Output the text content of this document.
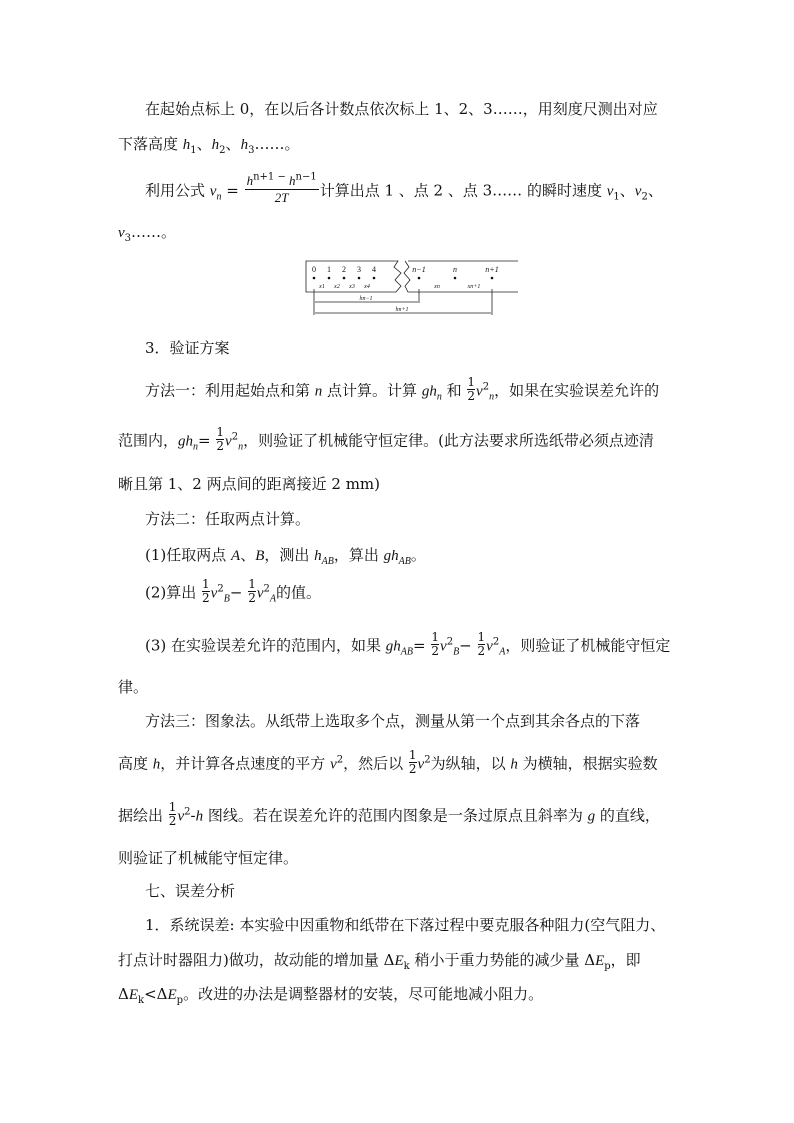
在起始点标上 0，在以后各计数点依次标上 1、2、3……，用刻度尺测出对应
下落高度 $h_1$、$h_2$、$h_3\dots\dots$。
利用公式 $v_n = \frac{h^{n+1 -} h^{n-1}}{2T}$ 计算出点 1 、点 2 、点 3…… 的瞬时速度 $v_1$、$v_2$、
$v_3\dots\dots$。
0 1 2 3 4	n−1	n	n+1
x1 x2 x3 x4	xn	xn+1
hn−1
hn+1
3．验证方案
方法一：利用起始点和第 n 点计算。计算 $gh_n$ 和 $\frac{1}{2} v^2_n$，如果在实验误差允许的
范围内，$gh_n= \frac{1}{2} v^2_n$，则验证了机械能守恒定律。(此方法要求所选纸带必须点迹清
晰且第 1、2 两点间的距离接近 2 mm)
方法二：任取两点计算。
(1)任取两点 A、B，测出 $h_{AB}$，算出 $gh_{AB}$。
(2)算出 $\frac{1}{2} v^2_B- \frac{1}{2} v^2_A$的值。
(3) 在实验误差允许的范围内，如果 $gh_{AB}= \frac{1}{2} v^2_B- \frac{1}{2} v^2_A$，则验证了机械能守恒定
律。
方法三：图象法。从纸带上选取多个点，测量从第一个点到其余各点的下落
高度 h，并计算各点速度的平方 $v^2$，然后以 $\frac{1}{2} v^2$为纵轴，以 h 为横轴，根据实验数
据绘出 $\frac{1}{2} v^2-h$ 图线。若在误差允许的范围内图象是一条过原点且斜率为 g 的直线，
则验证了机械能守恒定律。
七、误差分析
1．系统误差: 本实验中因重物和纸带在下落过程中要克服各种阻力(空气阻力、
打点计时器阻力)做功，故动能的增加量 $\Delta E_k$ 稍小于重力势能的减少量 $\Delta E_p$，即
$\Delta E_k<\Delta E_p$。改进的办法是调整器材的安装，尽可能地减小阻力。
